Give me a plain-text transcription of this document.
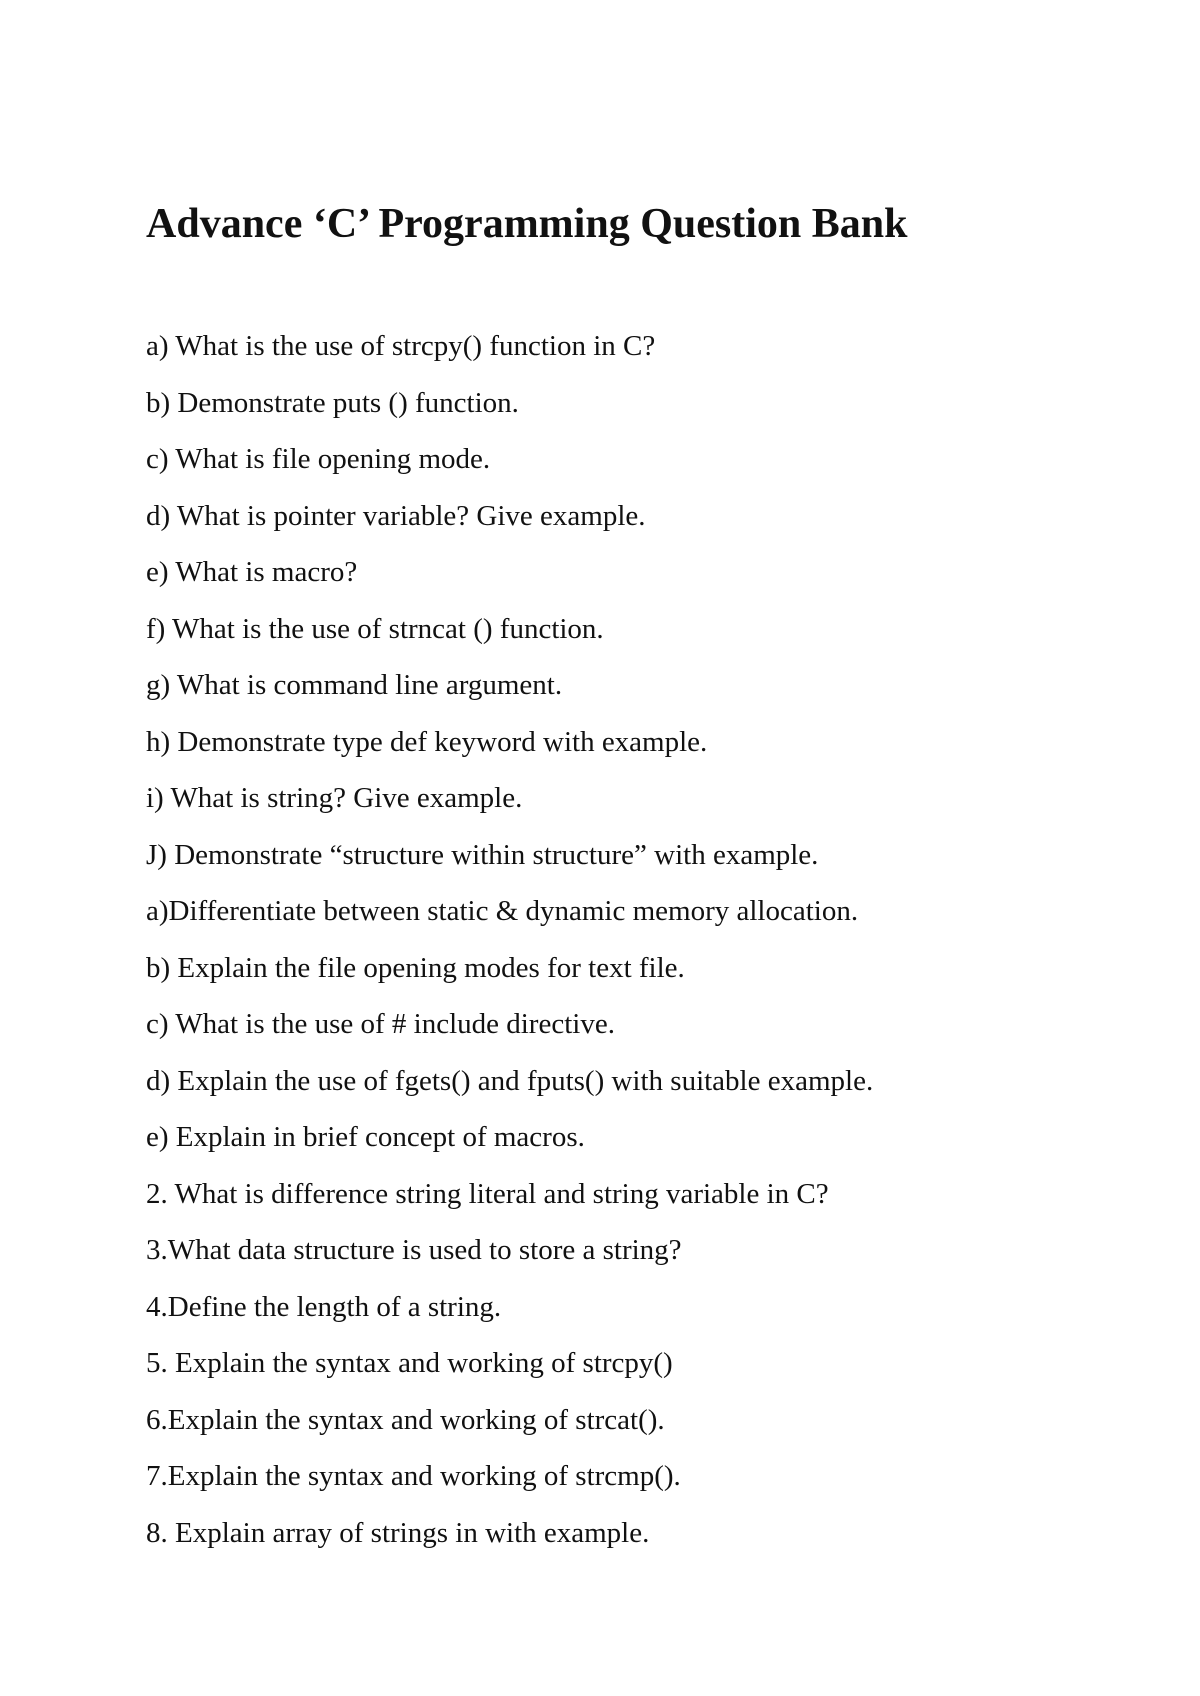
Advance ‘C’ Programming Question Bank
a) What is the use of strcpy() function in C?
b) Demonstrate puts () function.
c) What is file opening mode.
d) What is pointer variable? Give example.
e) What is macro?
f) What is the use of strncat () function.
g) What is command line argument.
h) Demonstrate type def keyword with example.
i) What is string? Give example.
J) Demonstrate “structure within structure” with example.
a)Differentiate between static & dynamic memory allocation.
b) Explain the file opening modes for text file.
c) What is the use of # include directive.
d) Explain the use of fgets() and fputs() with suitable example.
e) Explain in brief concept of macros.
2. What is difference string literal and string variable in C?
3.What data structure is used to store a string?
4.Define the length of a string.
5. Explain the syntax and working of strcpy()
6.Explain the syntax and working of strcat().
7.Explain the syntax and working of strcmp().
8. Explain array of strings in with example.
